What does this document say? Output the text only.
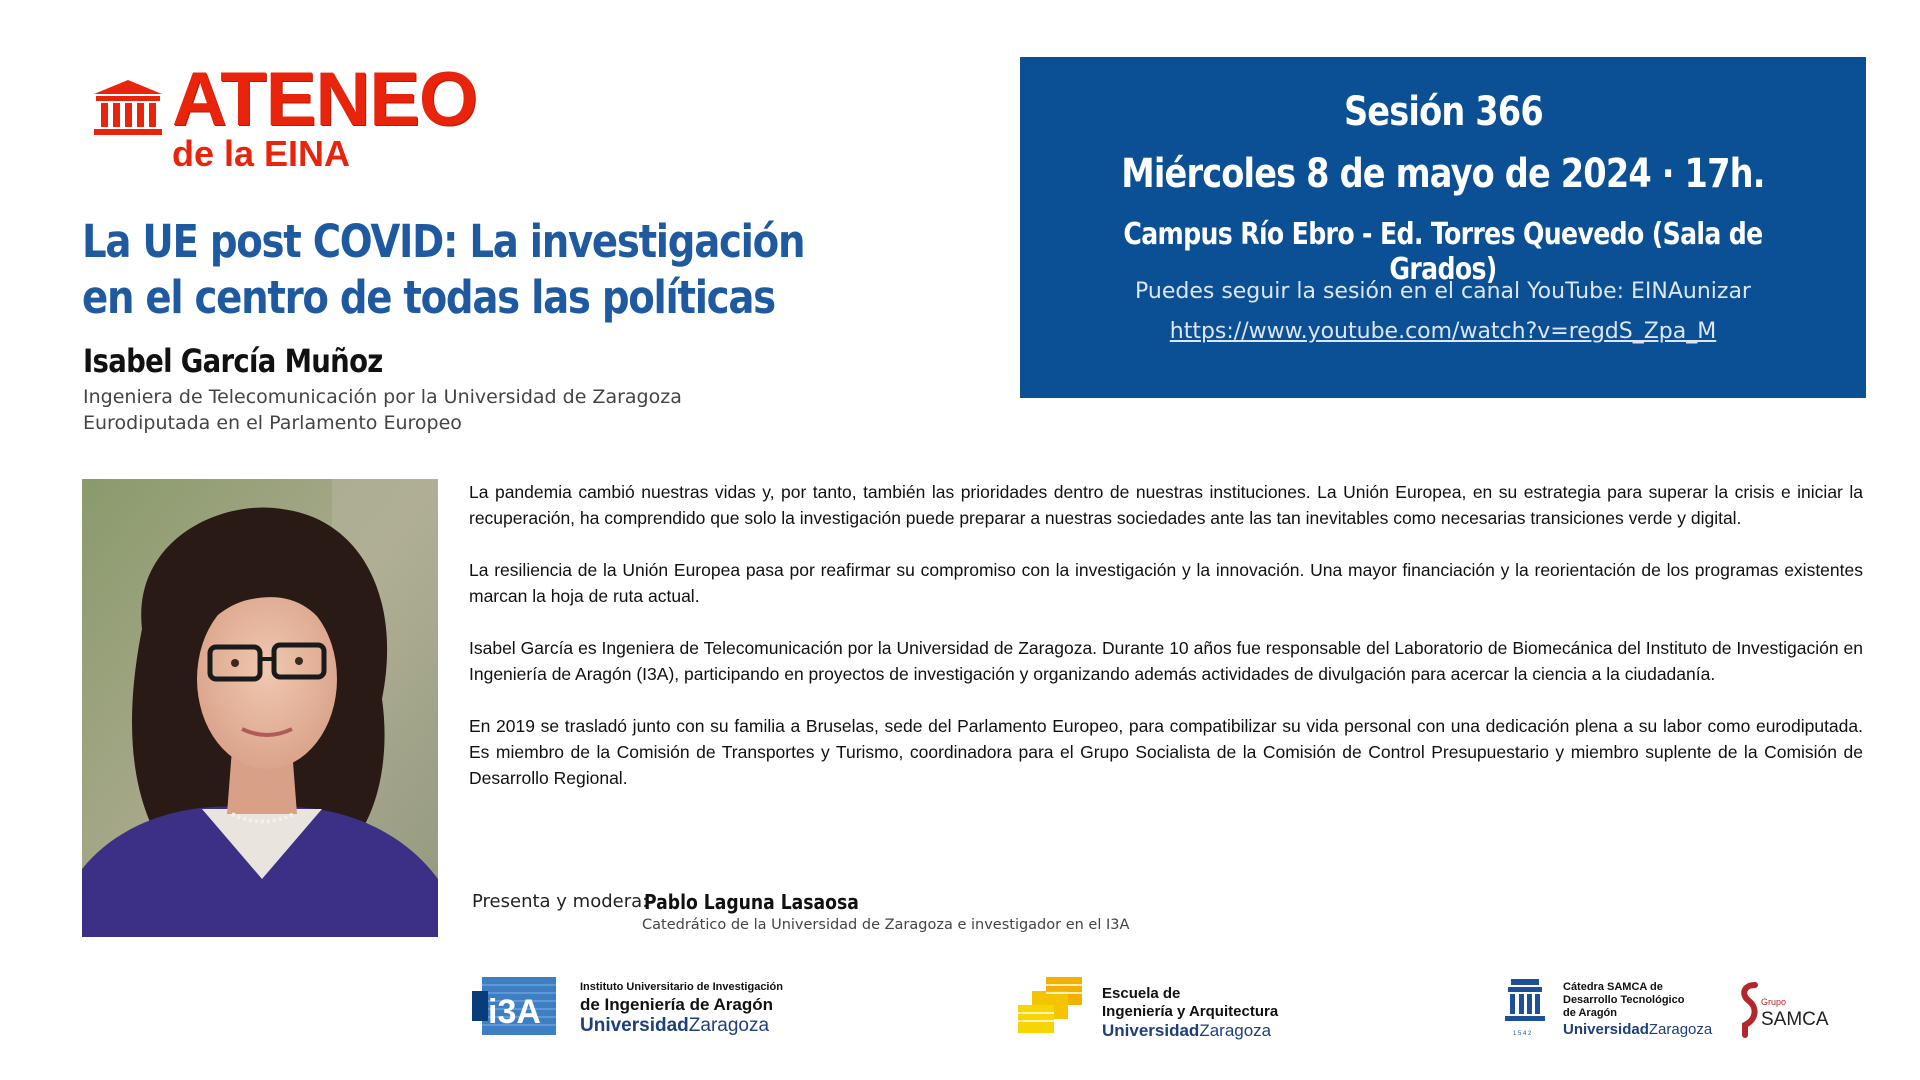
ATENEO
de la EINA
La UE post COVID: La investigación en el centro de todas las políticas
Isabel García Muñoz
Ingeniera de Telecomunicación por la Universidad de Zaragoza
Eurodiputada en el Parlamento Europeo
Sesión 366
Miércoles 8 de mayo de 2024 · 17h.
Campus Río Ebro - Ed. Torres Quevedo (Sala de Grados)
Puedes seguir la sesión en el canal YouTube: EINAunizar
https://www.youtube.com/watch?v=regdS_Zpa_M

La pandemia cambió nuestras vidas y, por tanto, también las prioridades dentro de nuestras instituciones. La Unión Europea, en su estrategia para superar la crisis e iniciar la recuperación, ha comprendido que solo la investigación puede preparar a nuestras sociedades ante las tan inevitables como necesarias transiciones verde y digital.

La resiliencia de la Unión Europea pasa por reafirmar su compromiso con la investigación y la innovación. Una mayor financiación y la reorientación de los programas existentes marcan la hoja de ruta actual.

Isabel García es Ingeniera de Telecomunicación por la Universidad de Zaragoza. Durante 10 años fue responsable del Laboratorio de Biomecánica del Instituto de Investigación en Ingeniería de Aragón (I3A), participando en proyectos de investigación y organizando además actividades de divulgación para acercar la ciencia a la ciudadanía.

En 2019 se trasladó junto con su familia a Bruselas, sede del Parlamento Europeo, para compatibilizar su vida personal con una dedicación plena a su labor como eurodiputada. Es miembro de la Comisión de Transportes y Turismo, coordinadora para el Grupo Socialista de la Comisión de Control Presupuestario y miembro suplente de la Comisión de Desarrollo Regional.

Presenta y modera:
Pablo Laguna Lasaosa
Catedrático de la Universidad de Zaragoza e investigador en el I3A
i3A
Instituto Universitario de Investigación
de Ingeniería de Aragón
UniversidadZaragoza
Escuela de
Ingeniería y Arquitectura
UniversidadZaragoza	1 5 4 2
Cátedra SAMCA de
Desarrollo Tecnológico
de Aragón
UniversidadZaragoza
Grupo
SAMCA
